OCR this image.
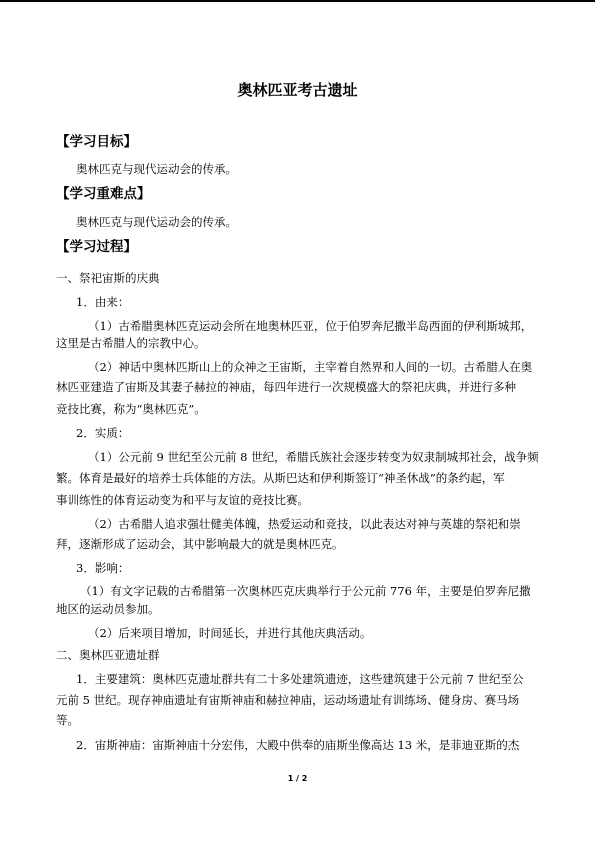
奥林匹亚考古遗址
【学习目标】
奥林匹克与现代运动会的传承。
【学习重难点】
奥林匹克与现代运动会的传承。
【学习过程】
一、祭祀宙斯的庆典
1．由来：
（1）古希腊奥林匹克运动会所在地奥林匹亚，位于伯罗奔尼撒半岛西面的伊利斯城邦，
这里是古希腊人的宗教中心。
（2）神话中奥林匹斯山上的众神之王宙斯，主宰着自然界和人间的一切。古希腊人在奥
林匹亚建造了宙斯及其妻子赫拉的神庙，每四年进行一次规模盛大的祭祀庆典，并进行多种
竞技比赛，称为“奥林匹克”。
2．实质：
（1）公元前 9 世纪至公元前 8 世纪，希腊氏族社会逐步转变为奴隶制城邦社会，战争频
繁。体育是最好的培养士兵体能的方法。从斯巴达和伊利斯签订“神圣休战”的条约起，军
事训练性的体育运动变为和平与友谊的竞技比赛。
（2）古希腊人追求强壮健美体魄，热爱运动和竞技，以此表达对神与英雄的祭祀和崇
拜，逐渐形成了运动会，其中影响最大的就是奥林匹克。
3．影响：
（1）有文字记载的古希腊第一次奥林匹克庆典举行于公元前 776 年，主要是伯罗奔尼撒
地区的运动员参加。
（2）后来项目增加，时间延长，并进行其他庆典活动。
二、奥林匹亚遗址群
1．主要建筑：奥林匹克遗址群共有二十多处建筑遗迹，这些建筑建于公元前 7 世纪至公
元前 5 世纪。现存神庙遗址有宙斯神庙和赫拉神庙，运动场遗址有训练场、健身房、赛马场
等。
2．宙斯神庙：宙斯神庙十分宏伟，大殿中供奉的庙斯坐像高达 13 米，是菲迪亚斯的杰
1 / 2
